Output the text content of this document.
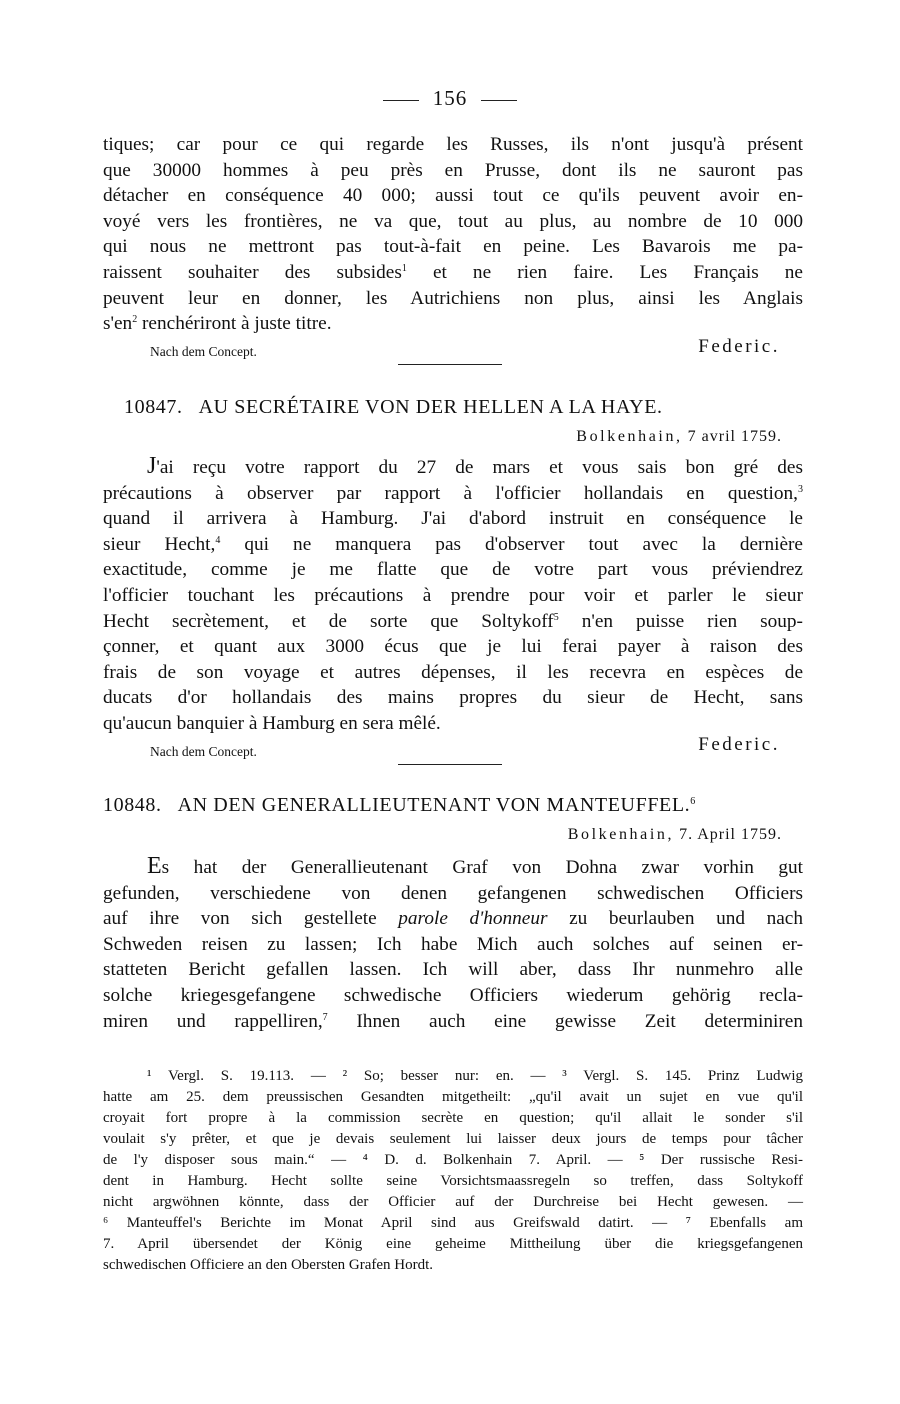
156
tiques; car pour ce qui regarde les Russes, ils n'ont jusqu'à présent
que 30000 hommes à peu près en Prusse, dont ils ne sauront pas
détacher en conséquence 40 000; aussi tout ce qu'ils peuvent avoir en-
voyé vers les frontières, ne va que, tout au plus, au nombre de 10 000
qui nous ne mettront pas tout-à-fait en peine. Les Bavarois me pa-
raissent souhaiter des subsides$^1$ et ne rien faire. Les Français ne
peuvent leur en donner, les Autrichiens non plus, ainsi les Anglais
$s'en^2$ renchériront à juste titre.
Nach dem Concept.	Federic.
10847. AU SECRÉTAIRE VON DER HELLEN A LA HAYE.
Bolkenhain, 7 avril 1759.
J'ai reçu votre rapport du 27 de mars et vous sais bon gré des
précautions à observer par rapport à l'officier hollandais en question,$^3$
quand il arrivera à Hamburg. J'ai d'abord instruit en conséquence le
sieur Hecht,$^4$ qui ne manquera pas d'observer tout avec la dernière
exactitude, comme je me flatte que de votre part vous préviendrez
l'officier touchant les précautions à prendre pour voir et parler le sieur
Hecht secrètement, et de sorte que Soltykoff$^5$ n'en puisse rien soup-
çonner, et quant aux 3000 écus que je lui ferai payer à raison des
frais de son voyage et autres dépenses, il les recevra en espèces de
ducats d'or hollandais des mains propres du sieur de Hecht, sans
qu'aucun banquier à Hamburg en sera mêlé.
Nach dem Concept.	Federic.
10848. AN DEN GENERALLIEUTENANT VON MANTEUFFEL.$^6$
Bolkenhain, 7. April 1759.
Es hat der Generallieutenant Graf von Dohna zwar vorhin gut
gefunden, verschiedene von denen gefangenen schwedischen Officiers
auf ihre von sich gestellete parole d'honneur zu beurlauben und nach
Schweden reisen zu lassen; Ich habe Mich auch solches auf seinen er-
statteten Bericht gefallen lassen. Ich will aber, dass Ihr nunmehro alle
solche kriegesgefangene schwedische Officiers wiederum gehörig recla-
miren und rappelliren,$^7$ Ihnen auch eine gewisse Zeit determiniren
¹ Vergl. S. 19.113. — ² So; besser nur: en. — ³ Vergl. S. 145. Prinz Ludwig
hatte am 25. dem preussischen Gesandten mitgetheilt: „qu'il avait un sujet en vue qu'il
croyait fort propre à la commission secrète en question; qu'il allait le sonder s'il
voulait s'y prêter, et que je devais seulement lui laisser deux jours de temps pour tâcher
de l'y disposer sous main.“ — ⁴ D. d. Bolkenhain 7. April. — ⁵ Der russische Resi-
dent in Hamburg. Hecht sollte seine Vorsichtsmaassregeln so treffen, dass Soltykoff
nicht argwöhnen könnte, dass der Officier auf der Durchreise bei Hecht gewesen. —
⁶ Manteuffel's Berichte im Monat April sind aus Greifswald datirt. — ⁷ Ebenfalls am
7. April übersendet der König eine geheime Mittheilung über die kriegsgefangenen
schwedischen Officiere an den Obersten Grafen Hordt.
